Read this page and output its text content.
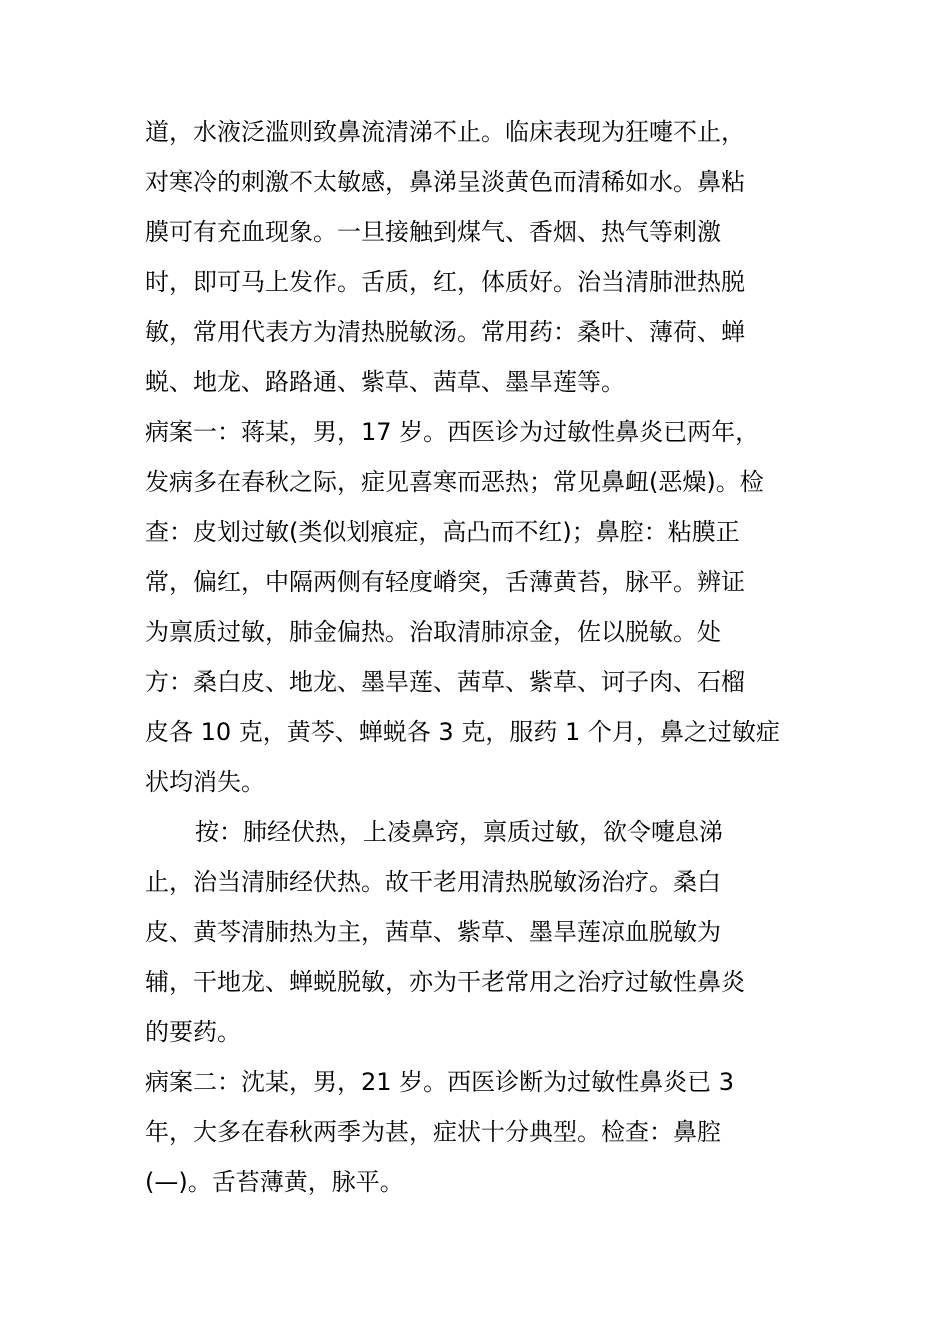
道，水液泛滥则致鼻流清涕不止。临床表现为狂嚏不止，
对寒冷的刺激不太敏感，鼻涕呈淡黄色而清稀如水。鼻粘
膜可有充血现象。一旦接触到煤气、香烟、热气等刺激
时，即可马上发作。舌质，红，体质好。治当清肺泄热脱
敏，常用代表方为清热脱敏汤。常用药：桑叶、薄荷、蝉
蜕、地龙、路路通、紫草、茜草、墨旱莲等。
病案一：蒋某，男，17 岁。西医诊为过敏性鼻炎已两年，
发病多在春秋之际，症见喜寒而恶热；常见鼻衄(恶燥)。检
查：皮划过敏(类似划痕症，高凸而不红)；鼻腔：粘膜正
常，偏红，中隔两侧有轻度嵴突，舌薄黄苔，脉平。辨证
为禀质过敏，肺金偏热。治取清肺凉金，佐以脱敏。处
方：桑白皮、地龙、墨旱莲、茜草、紫草、诃子肉、石榴
皮各 10 克，黄芩、蝉蜕各 3 克，服药 1 个月，鼻之过敏症
状均消失。
按：肺经伏热，上凌鼻窍，禀质过敏，欲令嚏息涕
止，治当清肺经伏热。故干老用清热脱敏汤治疗。桑白
皮、黄芩清肺热为主，茜草、紫草、墨旱莲凉血脱敏为
辅，干地龙、蝉蜕脱敏，亦为干老常用之治疗过敏性鼻炎
的要药。
病案二：沈某，男，21 岁。西医诊断为过敏性鼻炎已 3
年，大多在春秋两季为甚，症状十分典型。检查：鼻腔
(—)。舌苔薄黄，脉平。
